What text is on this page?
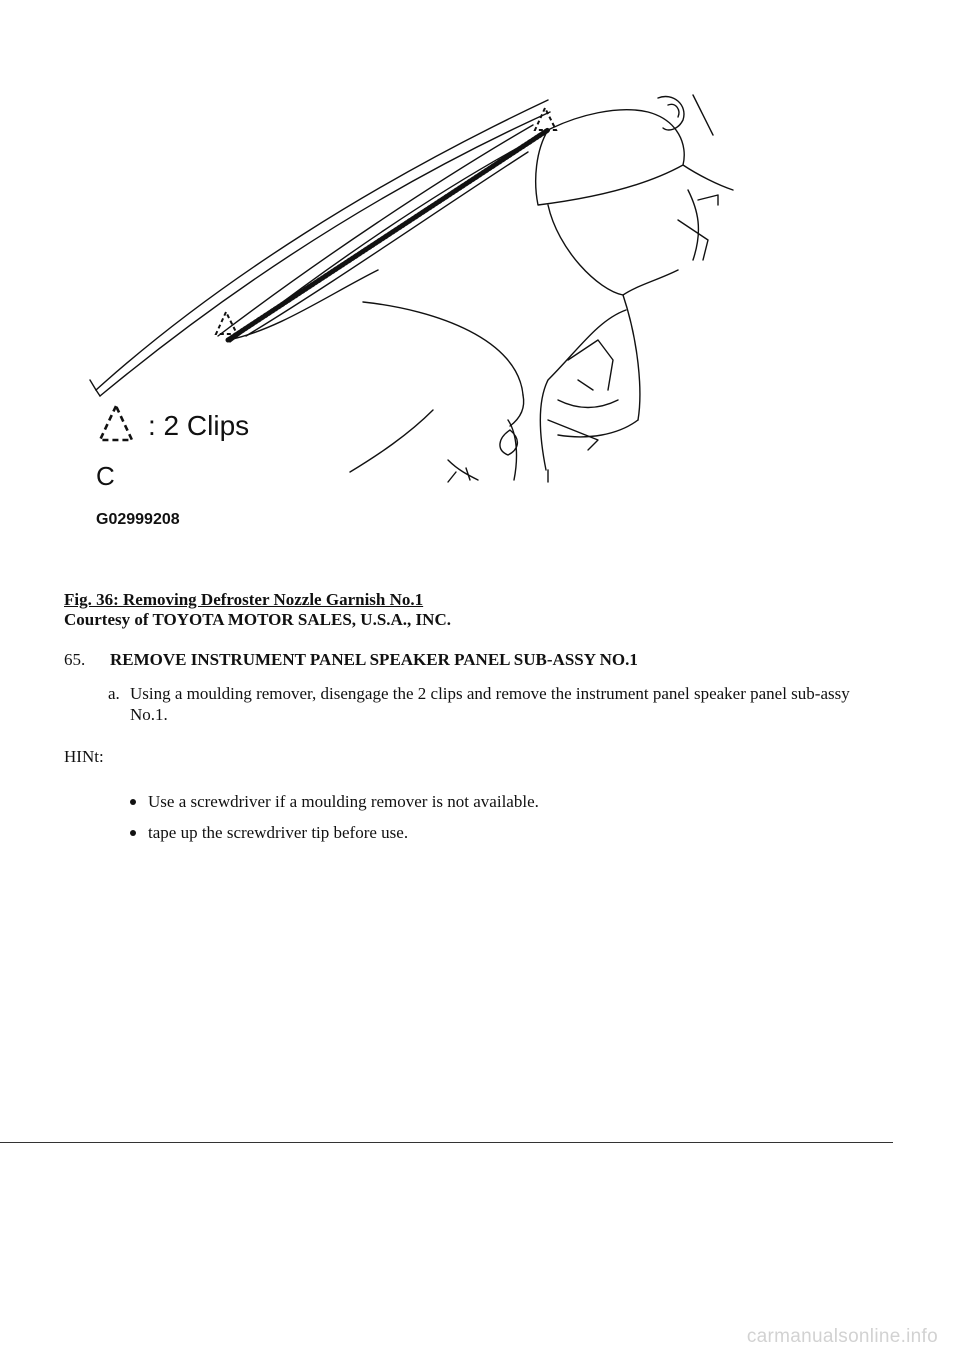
: 2 Clips
C
G02999208
Fig. 36: Removing Defroster Nozzle Garnish No.1
Courtesy of TOYOTA MOTOR SALES, U.S.A., INC.
65. REMOVE INSTRUMENT PANEL SPEAKER PANEL SUB-ASSY NO.1
a. Using a moulding remover, disengage the 2 clips and remove the instrument panel speaker panel sub-assy No.1.
HINt:
Use a screwdriver if a moulding remover is not available.
tape up the screwdriver tip before use.
carmanualsonline.info
